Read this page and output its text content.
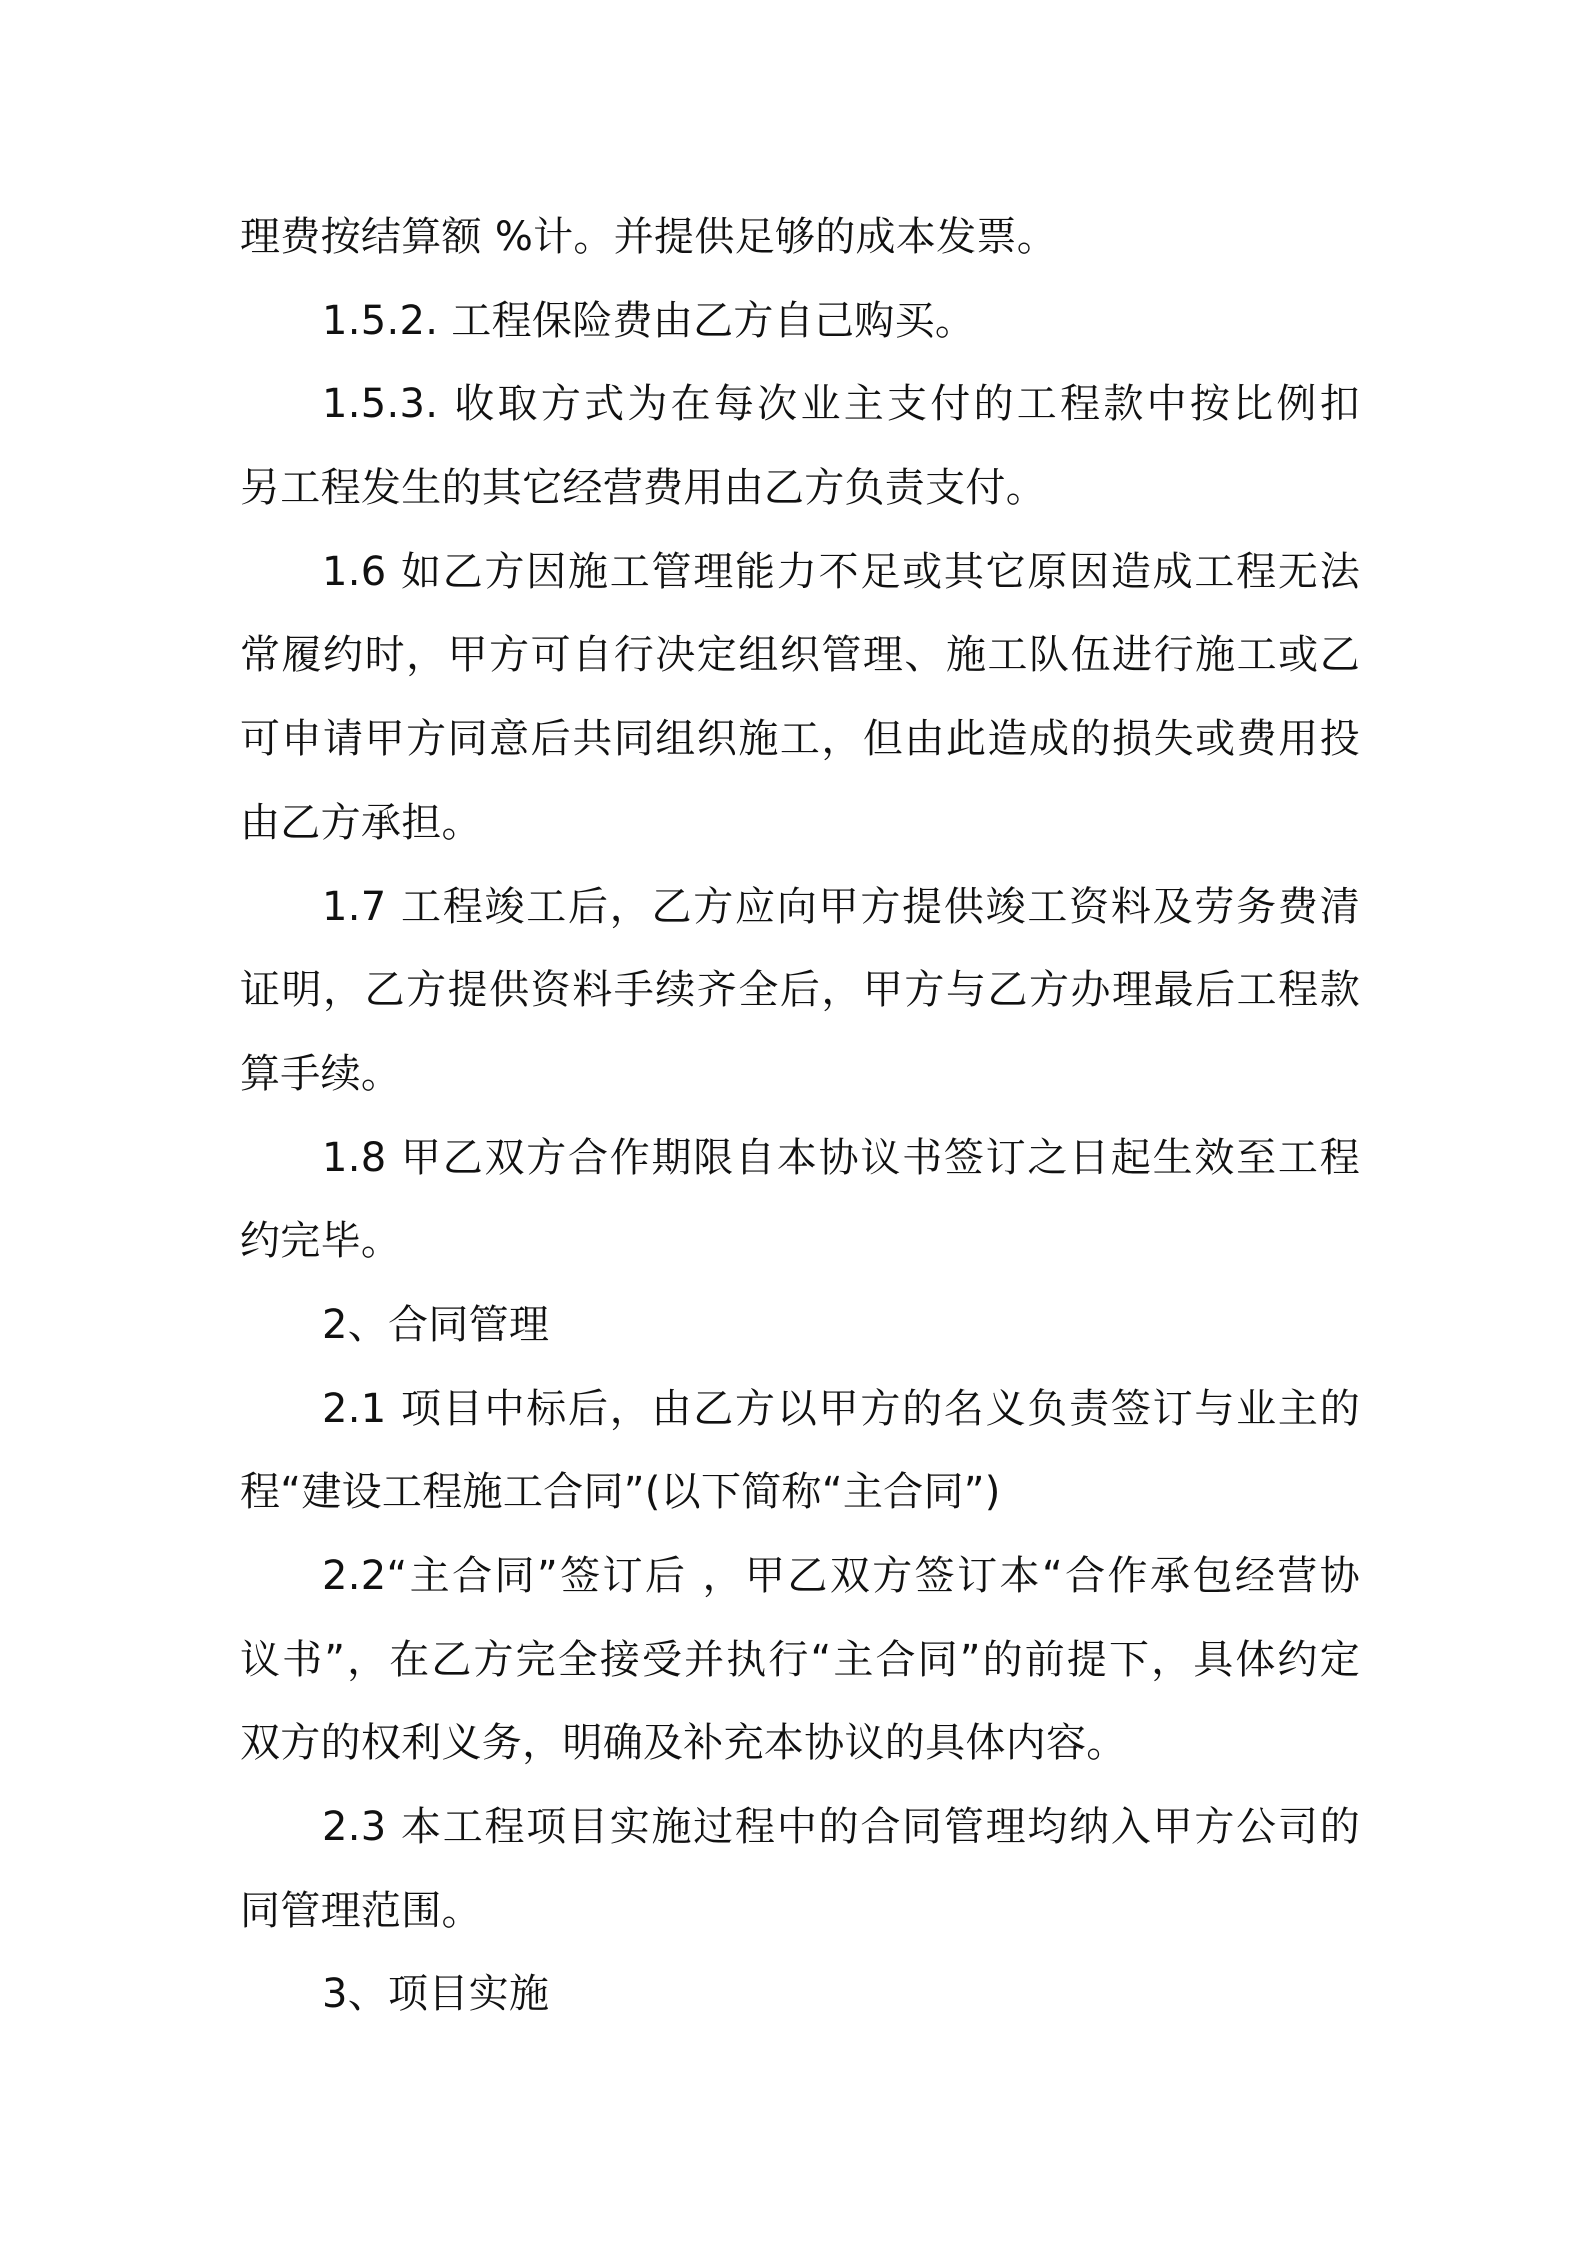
理费按结算额 %计。并提供足够的成本发票。
1.5.2. 工程保险费由乙方自己购买。
1.5.3. 收取方式为在每次业主支付的工程款中按比例扣
另工程发生的其它经营费用由乙方负责支付。
1.6 如乙方因施工管理能力不足或其它原因造成工程无法
常履约时，甲方可自行决定组织管理、施工队伍进行施工或乙
可申请甲方同意后共同组织施工，但由此造成的损失或费用投
由乙方承担。
1.7 工程竣工后，乙方应向甲方提供竣工资料及劳务费清
证明，乙方提供资料手续齐全后，甲方与乙方办理最后工程款
算手续。
1.8 甲乙双方合作期限自本协议书签订之日起生效至工程
约完毕。
2、合同管理
2.1 项目中标后，由乙方以甲方的名义负责签订与业主的
程“建设工程施工合同”(以下简称“主合同”)
2.2“主合同”签订后 ，甲乙双方签订本“合作承包经营协
议书”，在乙方完全接受并执行“主合同”的前提下，具体约定
双方的权利义务，明确及补充本协议的具体内容。
2.3 本工程项目实施过程中的合同管理均纳入甲方公司的
同管理范围。
3、项目实施
